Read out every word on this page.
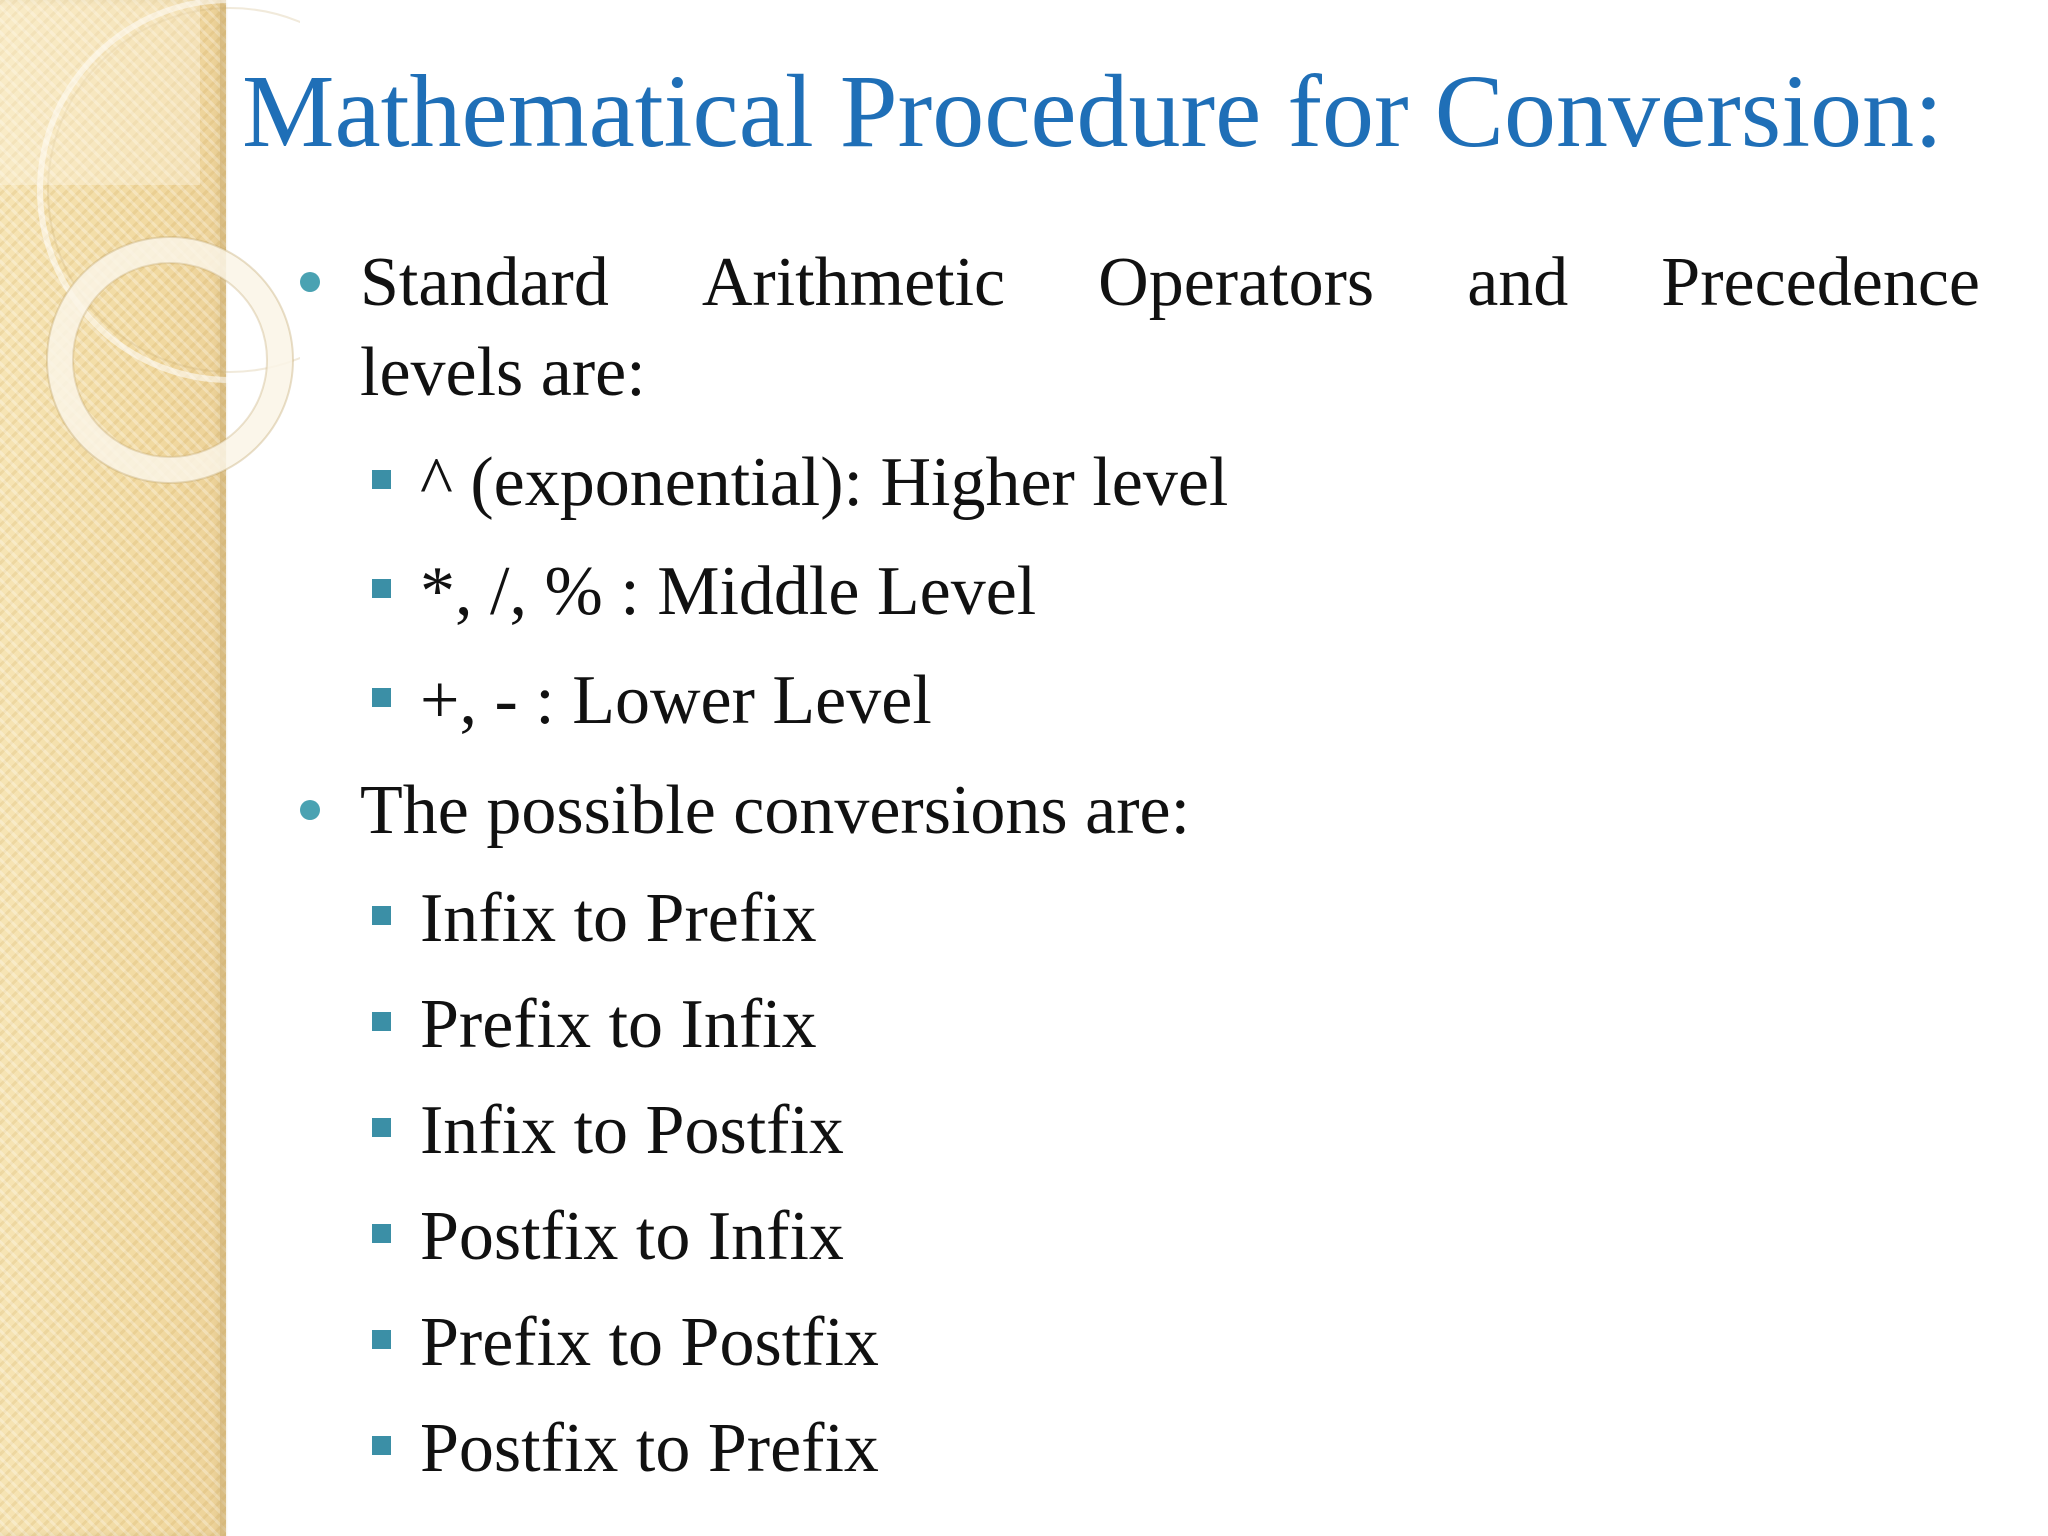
Mathematical Procedure for Conversion:
Standard Arithmetic Operators and Precedence
levels are:
^ (exponential): Higher level
*, /, % : Middle Level
+, - : Lower Level
The possible conversions are:
Infix to Prefix
Prefix to Infix
Infix to Postfix
Postfix to Infix
Prefix to Postfix
Postfix to Prefix
